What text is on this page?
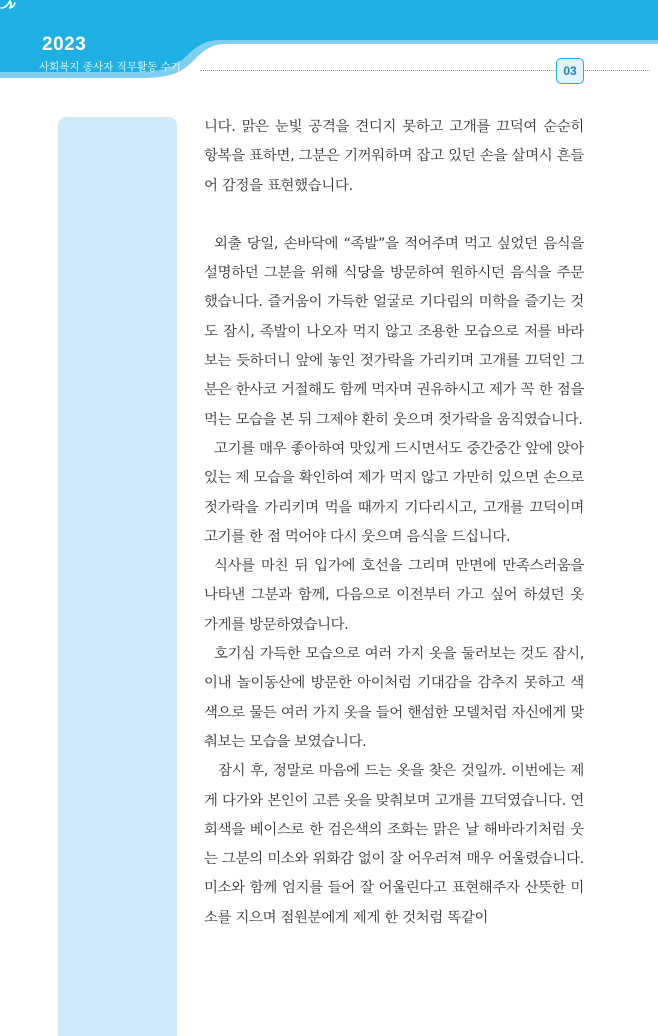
2023
사회복지 종사자 직무활동 수기	03

니다. 맑은 눈빛 공격을 견디지 못하고 고개를 끄덕여 순순히 항복을 표하면, 그분은 기꺼워하며 잡고 있던 손을 살며시 흔들어 감정을 표현했습니다.

외출 당일, 손바닥에 “족발”을 적어주며 먹고 싶었던 음식을 설명하던 그분을 위해 식당을 방문하여 원하시던 음식을 주문했습니다. 즐거움이 가득한 얼굴로 기다림의 미학을 즐기는 것도 잠시, 족발이 나오자 먹지 않고 조용한 모습으로 저를 바라보는 듯하더니 앞에 놓인 젓가락을 가리키며 고개를 끄덕인 그분은 한사코 거절해도 함께 먹자며 권유하시고 제가 꼭 한 점을 먹는 모습을 본 뒤 그제야 환히 웃으며 젓가락을 움직였습니다.

고기를 매우 좋아하여 맛있게 드시면서도 중간중간 앞에 앉아있는 제 모습을 확인하여 제가 먹지 않고 가만히 있으면 손으로 젓가락을 가리키며 먹을 때까지 기다리시고, 고개를 끄덕이며 고기를 한 점 먹어야 다시 웃으며 음식을 드십니다.

식사를 마친 뒤 입가에 호선을 그리며 만면에 만족스러움을 나타낸 그분과 함께, 다음으로 이전부터 가고 싶어 하셨던 옷 가게를 방문하였습니다.

호기심 가득한 모습으로 여러 가지 옷을 둘러보는 것도 잠시, 이내 놀이동산에 방문한 아이처럼 기대감을 감추지 못하고 색색으로 물든 여러 가지 옷을 들어 핸섬한 모델처럼 자신에게 맞춰보는 모습을 보였습니다.

잠시 후, 정말로 마음에 드는 옷을 찾은 것일까. 이번에는 제게 다가와 본인이 고른 옷을 맞춰보며 고개를 끄덕였습니다. 연회색을 베이스로 한 검은색의 조화는 맑은 날 해바라기처럼 웃는 그분의 미소와 위화감 없이 잘 어우러져 매우 어울렸습니다. 미소와 함께 엄지를 들어 잘 어울린다고 표현해주자 산뜻한 미소를 지으며 점원분에게 제게 한 것처럼 똑같이
